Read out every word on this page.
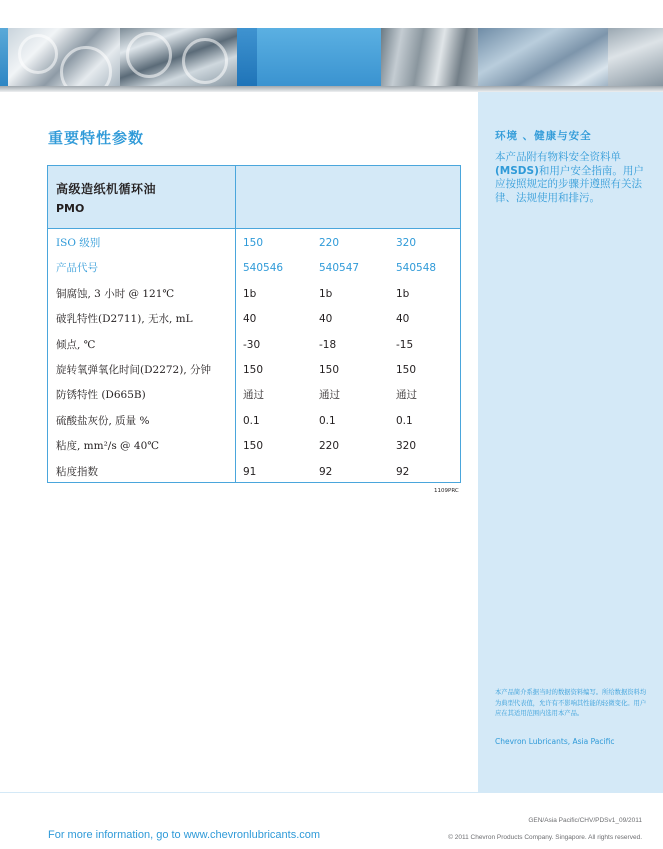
环境 、健康与安全
本产品附有物料安全资料单(MSDS)和用户安全指南。用户应按照规定的步骤并遵照有关法律、法规使用和排污。
本产品简介系据当时的数据资料编写。所给数据资料均为典型代表值，允许有不影响其性能的轻微变化。用户应在其适用范围内选用本产品。
Chevron Lubricants, Asia Pacific
重要特性参数
高级造纸机循环油
PMO
ISO 级别	150	220	320
产品代号	540546	540547	540548
铜腐蚀, 3 小时 @ 121℃	1b	1b	1b
破乳特性(D2711), 无水, mL	40	40	40
倾点, ℃	-30	-18	-15
旋转氧弹氧化时间(D2272), 分钟	150	150	150
防锈特性 (D665B)	通过	通过	通过
硫酸盐灰份, 质量 %	0.1	0.1	0.1
粘度, mm²/s @ 40℃	150	220	320
粘度指数	91	92	92
1109PRC
GEN/Asia Pacific/CHV/PDSv1_09/2011
For more information, go to www.chevronlubricants.com	© 2011 Chevron Products Company. Singapore. All rights reserved.
